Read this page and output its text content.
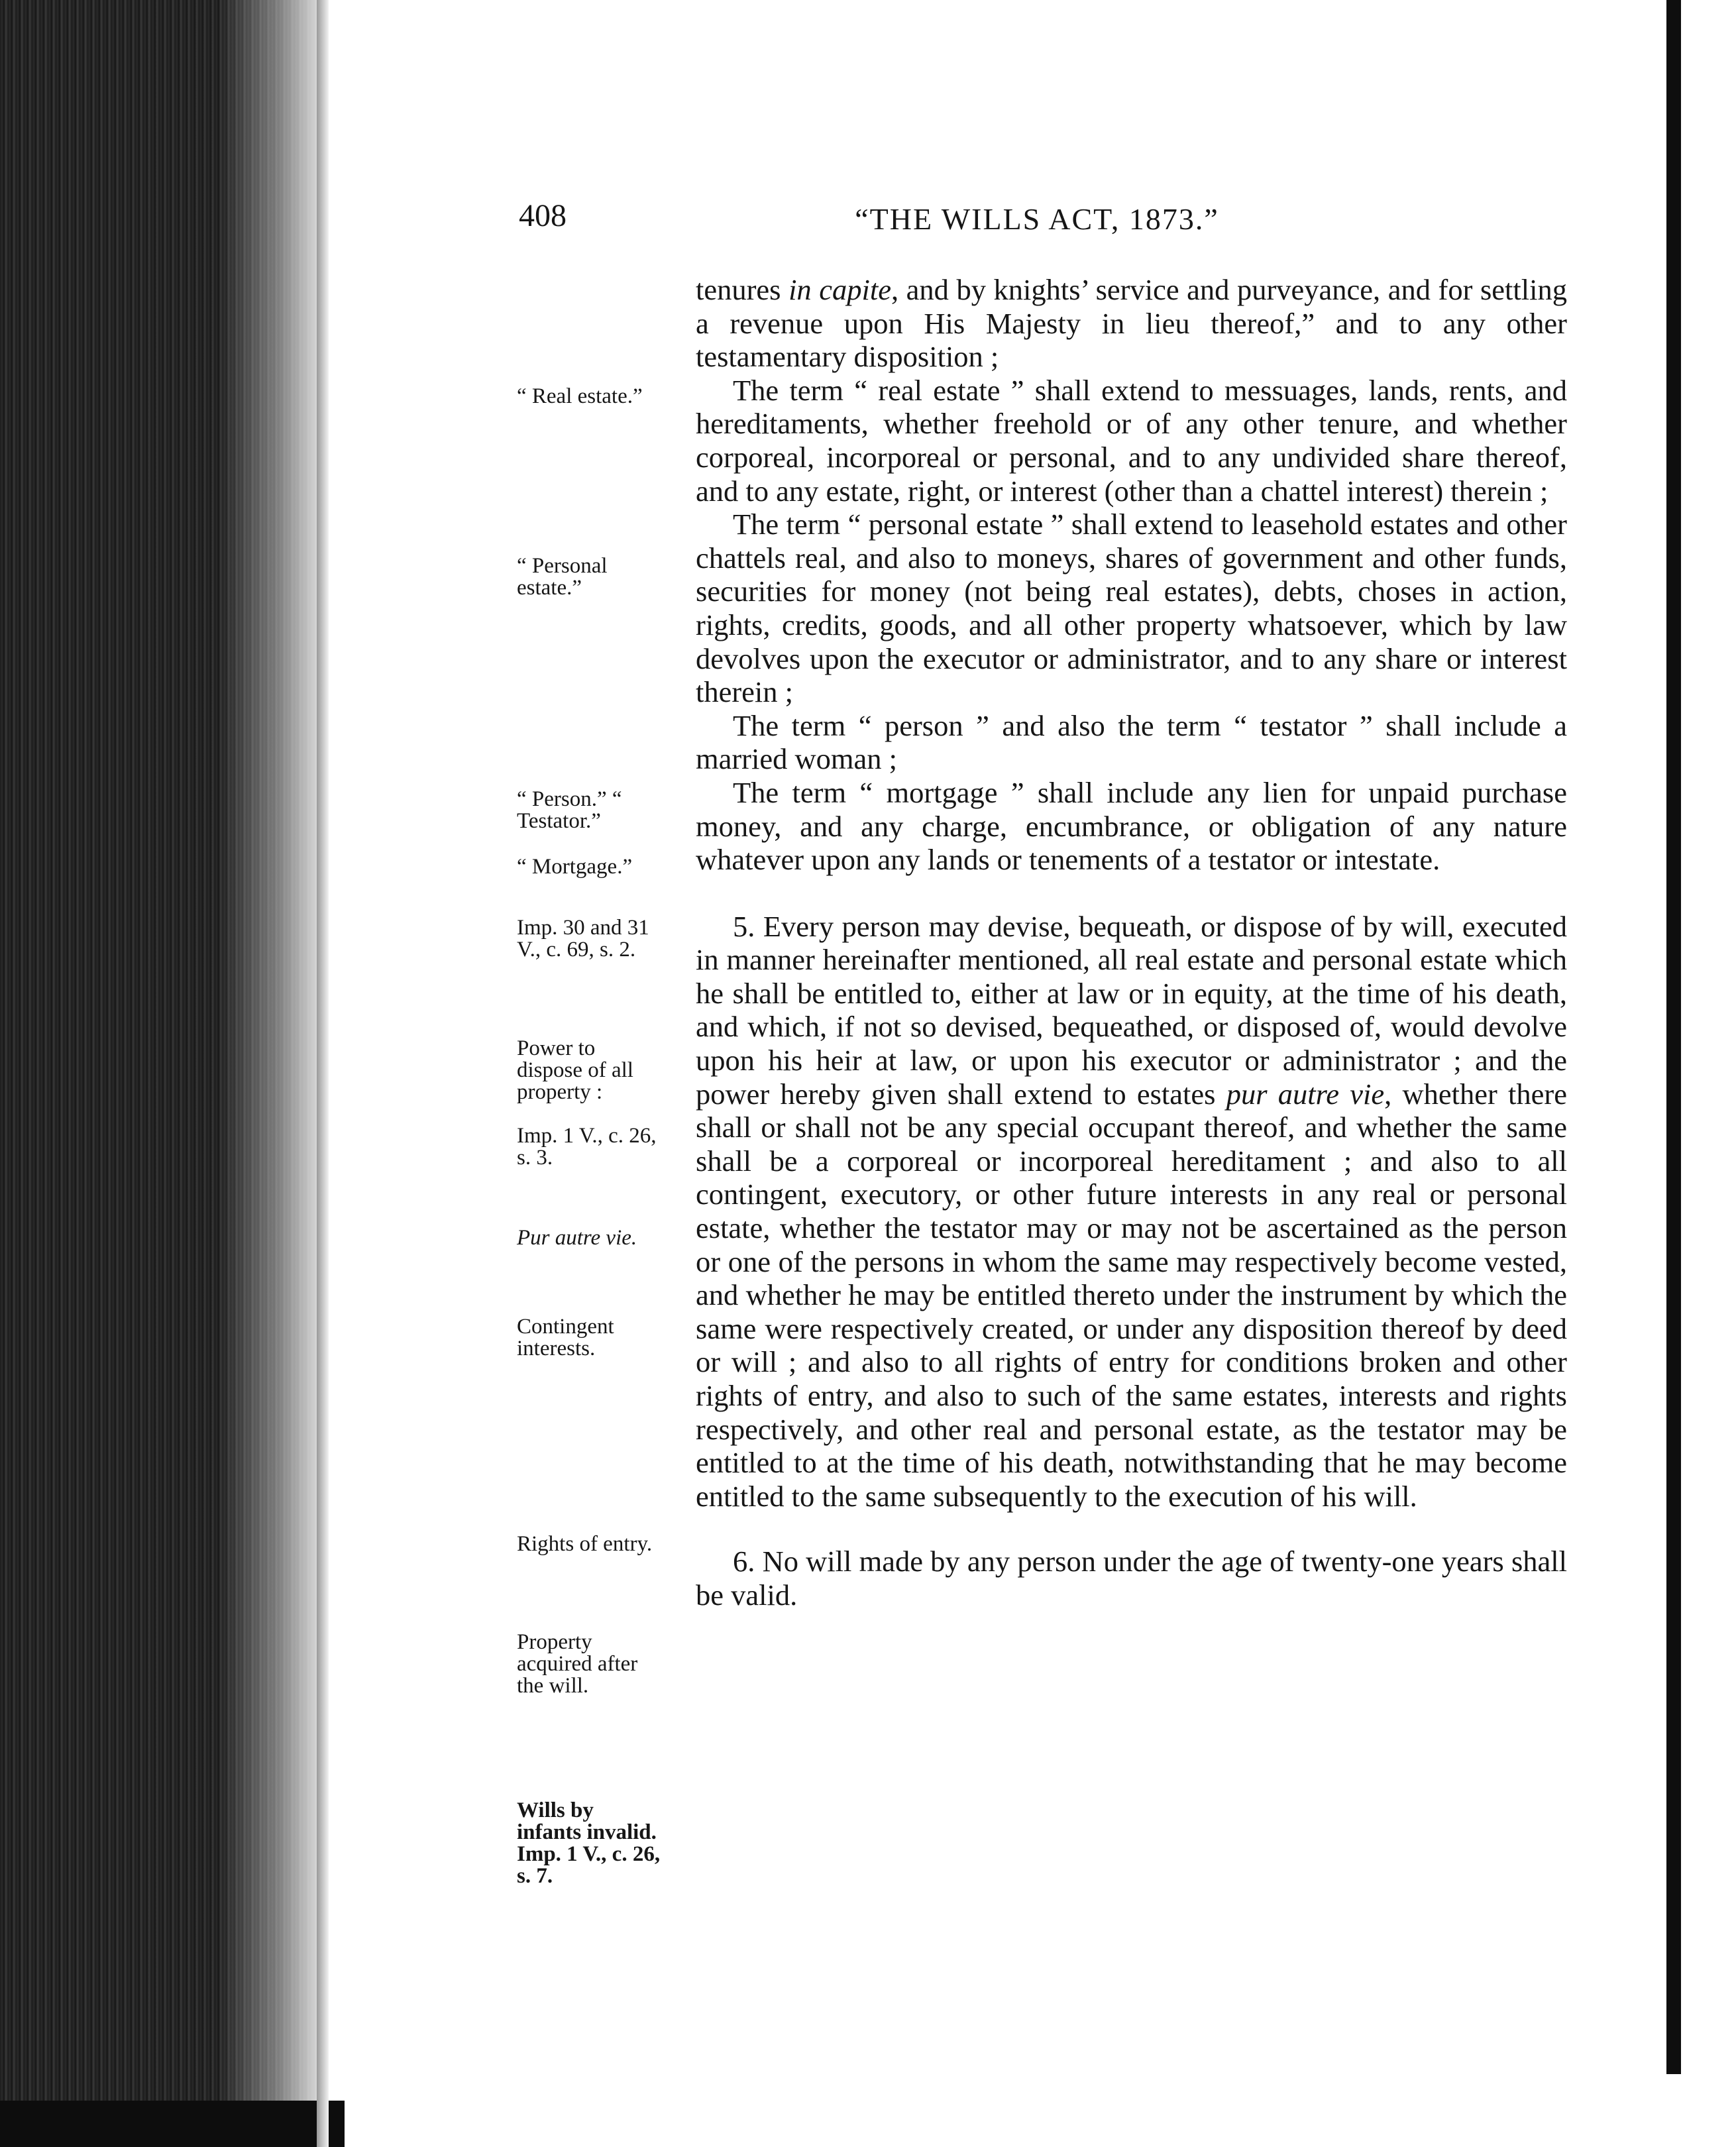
408	“THE WILLS ACT, 1873.”
“ Real estate.”
“ Personal estate.”
“ Person.” “ Testator.”
“ Mortgage.”
Imp. 30 and 31 V., c. 69, s. 2.
Power to dispose of all property :
Imp. 1 V., c. 26, s. 3.
Pur autre vie.
Contingent interests.
Rights of entry.
Property acquired after the will.
Wills by infants invalid. Imp. 1 V., c. 26, s. 7.

tenures in capite, and by knights’ service and purveyance, and for settling a revenue upon His Majesty in lieu thereof,” and to any other testamentary disposition ;

The term “ real estate ” shall extend to messuages, lands, rents, and hereditaments, whether freehold or of any other tenure, and whether corporeal, incorporeal or personal, and to any undivided share thereof, and to any estate, right, or interest (other than a chattel interest) therein ;

The term “ personal estate ” shall extend to leasehold estates and other chattels real, and also to moneys, shares of government and other funds, securities for money (not being real estates), debts, choses in action, rights, credits, goods, and all other property whatsoever, which by law devolves upon the executor or administrator, and to any share or interest therein ;

The term “ person ” and also the term “ testator ” shall include a married woman ;

The term “ mortgage ” shall include any lien for unpaid purchase money, and any charge, encumbrance, or obligation of any nature whatever upon any lands or tenements of a testator or intestate.

5. Every person may devise, bequeath, or dispose of by will, executed in manner hereinafter mentioned, all real estate and personal estate which he shall be entitled to, either at law or in equity, at the time of his death, and which, if not so devised, bequeathed, or disposed of, would devolve upon his heir at law, or upon his executor or administrator ; and the power hereby given shall extend to estates pur autre vie, whether there shall or shall not be any special occupant thereof, and whether the same shall be a corporeal or incorporeal hereditament ; and also to all contingent, executory, or other future interests in any real or personal estate, whether the testator may or may not be ascertained as the person or one of the persons in whom the same may respectively become vested, and whether he may be entitled thereto under the instrument by which the same were respectively created, or under any disposition thereof by deed or will ; and also to all rights of entry for conditions broken and other rights of entry, and also to such of the same estates, interests and rights respectively, and other real and personal estate, as the testator may be entitled to at the time of his death, notwithstanding that he may become entitled to the same subsequently to the execution of his will.

6. No will made by any person under the age of twenty-one years shall be valid.
